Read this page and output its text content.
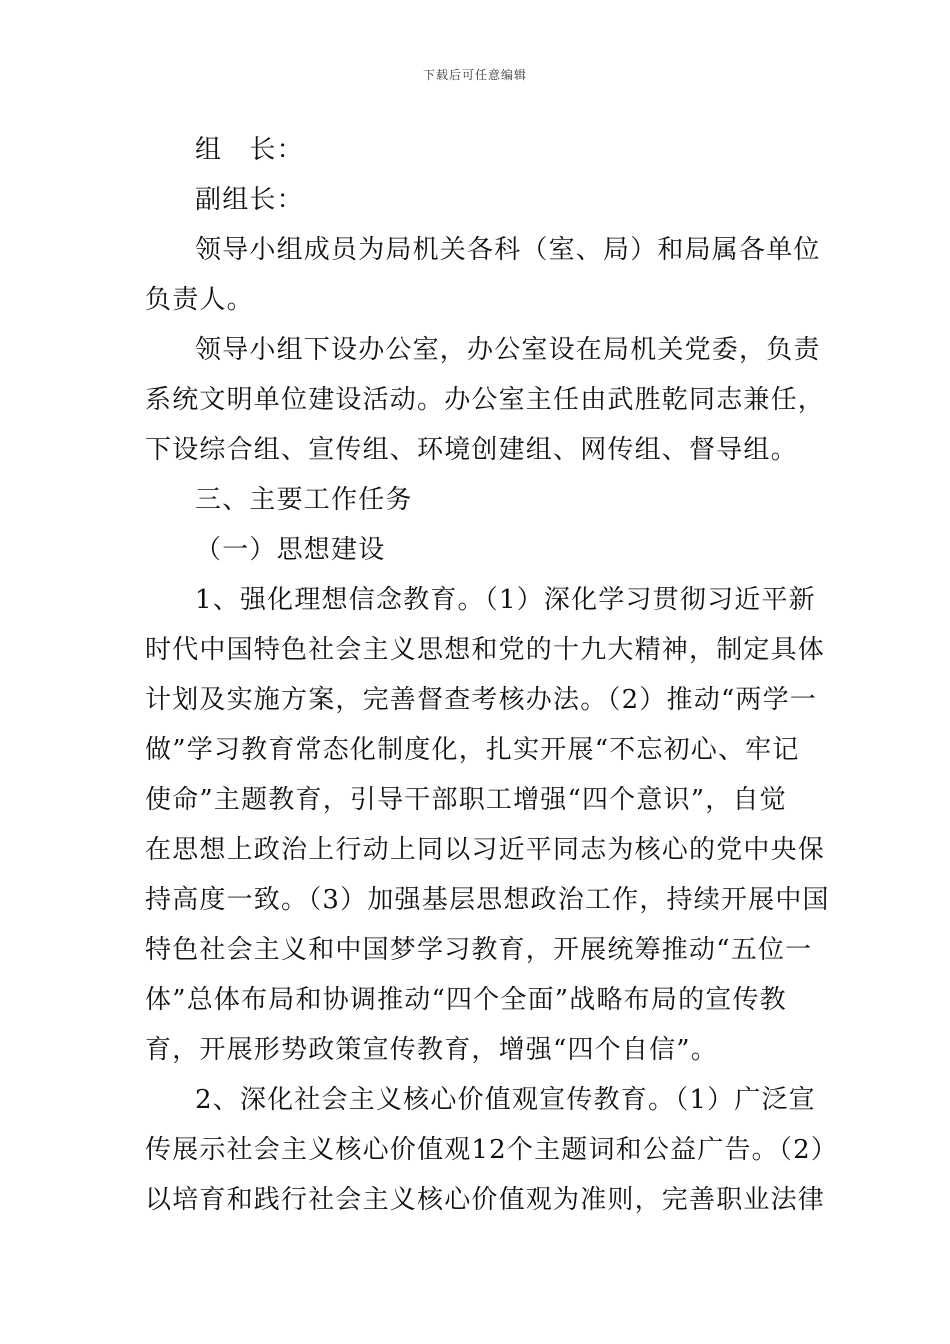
下载后可任意编辑
组　长：
副组长：
领导小组成员为局机关各科（室、局）和局属各单位
负责人。
领导小组下设办公室，办公室设在局机关党委，负责
系统文明单位建设活动。办公室主任由武胜乾同志兼任，
下设综合组、宣传组、环境创建组、网传组、督导组。
三、主要工作任务
（一）思想建设
1、强化理想信念教育。（1）深化学习贯彻习近平新
时代中国特色社会主义思想和党的十九大精神，制定具体
计划及实施方案，完善督查考核办法。（2）推动“两学一
做”学习教育常态化制度化，扎实开展“不忘初心、牢记
使命”主题教育，引导干部职工增强“四个意识”，自觉
在思想上政治上行动上同以习近平同志为核心的党中央保
持高度一致。（3）加强基层思想政治工作，持续开展中国
特色社会主义和中国梦学习教育，开展统筹推动“五位一
体”总体布局和协调推动“四个全面”战略布局的宣传教
育，开展形势政策宣传教育，增强“四个自信”。
2、深化社会主义核心价值观宣传教育。（1）广泛宣
传展示社会主义核心价值观12个主题词和公益广告。（2）
以培育和践行社会主义核心价值观为准则，完善职业法律
